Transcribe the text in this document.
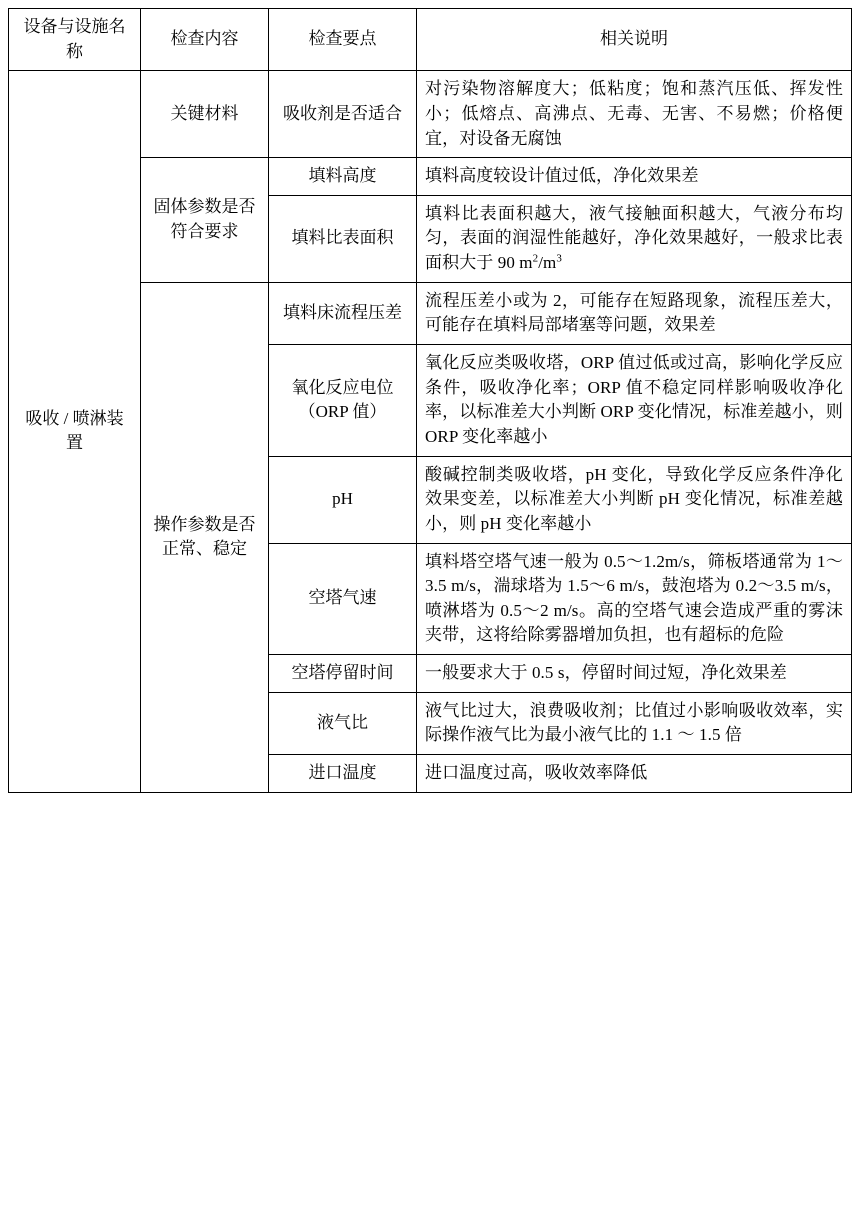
设备与设施名称	检查内容	检查要点	相关说明
吸收 / 喷淋装置	关键材料	吸收剂是否适合	对污染物溶解度大；低粘度；饱和蒸汽压低、挥发性小；低熔点、高沸点、无毒、无害、不易燃；价格便宜，对设备无腐蚀
	固体参数是否符合要求	填料高度	填料高度较设计值过低，净化效果差
		填料比表面积	填料比表面积越大，液气接触面积越大，气液分布均匀，表面的润湿性能越好，净化效果越好，一般求比表面积大于 90 $m^2/m^3$
	操作参数是否正常、稳定	填料床流程压差	流程压差小或为 2，可能存在短路现象，流程压差大，可能存在填料局部堵塞等问题，效果差
		氧化反应电位（ORP 值）	氧化反应类吸收塔，ORP 值过低或过高，影响化学反应条件，吸收净化率；ORP 值不稳定同样影响吸收净化率，以标准差大小判断 ORP 变化情况，标准差越小，则 ORP 变化率越小
		pH	酸碱控制类吸收塔，pH 变化，导致化学反应条件净化效果变差，以标准差大小判断 pH 变化情况，标准差越小，则 pH 变化率越小
		空塔气速	填料塔空塔气速一般为 0.5～1.2m/s，筛板塔通常为 1～3.5 m/s，湍球塔为 1.5～6 m/s，鼓泡塔为 0.2～3.5 m/s，喷淋塔为 0.5～2 m/s。高的空塔气速会造成严重的雾沫夹带，这将给除雾器增加负担，也有超标的危险
		空塔停留时间	一般要求大于 0.5 s，停留时间过短，净化效果差
		液气比	液气比过大，浪费吸收剂；比值过小影响吸收效率，实际操作液气比为最小液气比的 1.1 ～ 1.5 倍
		进口温度	进口温度过高，吸收效率降低
